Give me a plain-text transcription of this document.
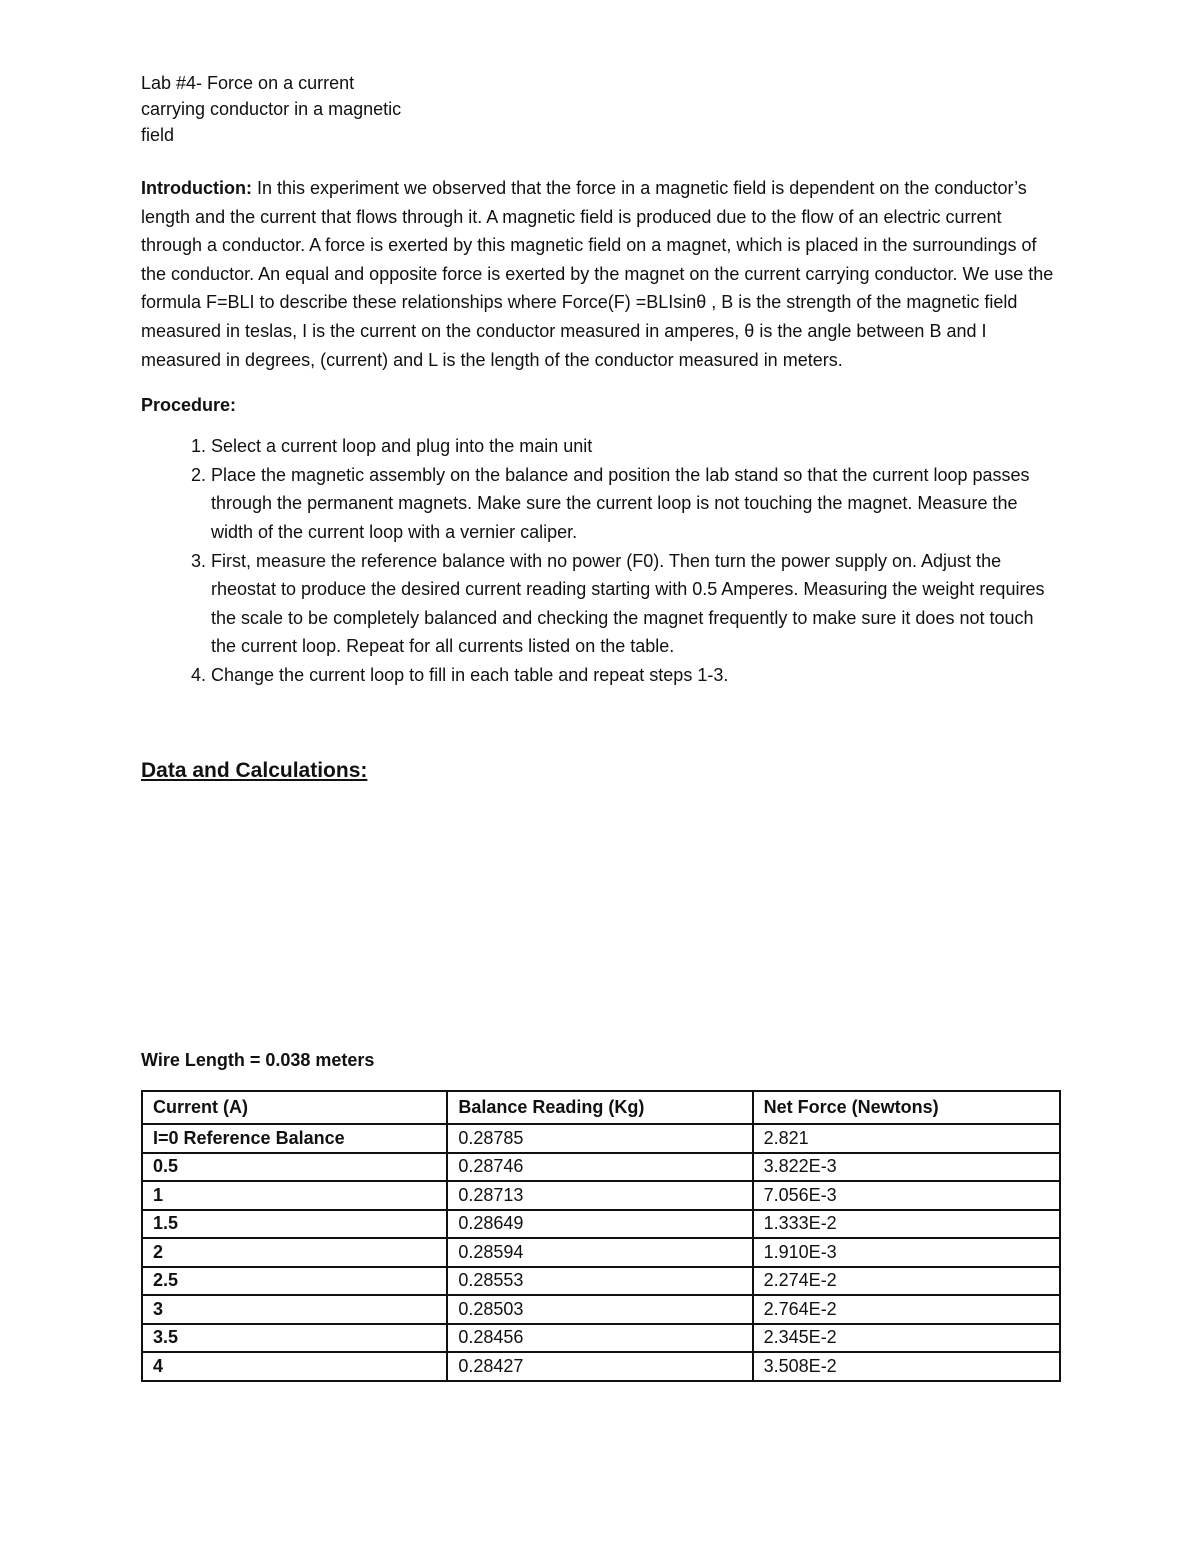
Lab #4- Force on a current
carrying conductor in a magnetic
field
Introduction: In this experiment we observed that the force in a magnetic field is dependent on the conductor’s length and the current that flows through it. A magnetic field is produced due to the flow of an electric current through a conductor. A force is exerted by this magnetic field on a magnet, which is placed in the surroundings of the conductor. An equal and opposite force is exerted by the magnet on the current carrying conductor. We use the formula F=BLI to describe these relationships where Force(F) =BLIsinθ , B is the strength of the magnetic field measured in teslas, I is the current on the conductor measured in amperes, θ is the angle between B and I measured in degrees, (current) and L is the length of the conductor measured in meters.
Procedure:
1. Select a current loop and plug into the main unit
2. Place the magnetic assembly on the balance and position the lab stand so that the current loop passes through the permanent magnets. Make sure the current loop is not touching the magnet. Measure the width of the current loop with a vernier caliper.
3. First, measure the reference balance with no power (F0). Then turn the power supply on. Adjust the rheostat to produce the desired current reading starting with 0.5 Amperes. Measuring the weight requires the scale to be completely balanced and checking the magnet frequently to make sure it does not touch the current loop. Repeat for all currents listed on the table.
4. Change the current loop to fill in each table and repeat steps 1-3.
Data and Calculations:
Wire Length = 0.038 meters
Current (A)	Balance Reading (Kg)	Net Force (Newtons)
I=0 Reference Balance	0.28785	2.821
0.5	0.28746	3.822E-3
1	0.28713	7.056E-3
1.5	0.28649	1.333E-2
2	0.28594	1.910E-3
2.5	0.28553	2.274E-2
3	0.28503	2.764E-2
3.5	0.28456	2.345E-2
4	0.28427	3.508E-2
